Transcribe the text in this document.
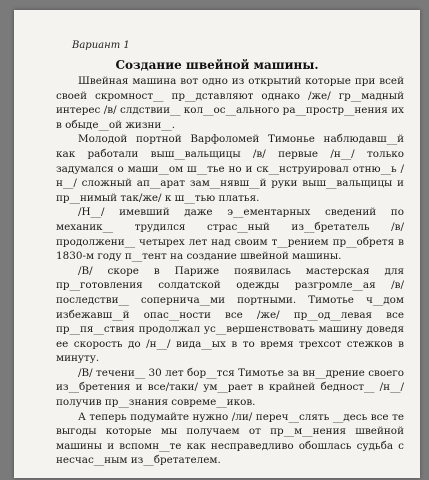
Вариант 1
Создание швейной машины.

Швейная машина вот одно из открытий которые при всей своей скромност__ пр__дставляют однако /же/ гр__мадный интерес /в/ слдствии__ кол__ос__ального ра__простр__нения их в обыде__ой жизни__.

Молодой портной Варфоломей Тимонье наблюдавш__й как работали выш__вальщицы /в/ первые /н__/ только задумался о маши__ом ш__тье но и ск__нструировал отню__ь /н__/ сложный ап__арат зам__нявш__й руки выш__вальщицы и пр__нимый так/же/ к ш__тью платья.

/Н__/ имевший даже э__ементарных сведений по механик__ трудился страс__ный из__бретатель /в/ продолжени__ четырех лет над своим т__рением пр__обретя в 1830-м году п__тент на создание швейной машины.

/В/ скоре в Париже появилась мастерская для пр__готовления солдатской одежды разгромле__ая /в/ последстви__ сопернича__ми портными. Тимотье ч__дом избежавш__й опас__ности все /же/ пр__од__левая все пр__пя__ствия продолжал ус__вершенствовать машину доведя ее скорость до /н__/ вида__ых в то время трехсот стежков в минуту.

/В/ течени__ 30 лет бор__тся Тимотье за вн__дрение своего из__бретения и все/таки/ ум__рает в крайней бедност__ /н__/ получив пр__знания совреме__иков.

А теперь подумайте нужно /ли/ переч__слять __десь все те выгоды которые мы получаем от пр__м__нения швейной машины и вспомн__те как несправедливо обошлась судьба с несчас__ным из__бретателем.
